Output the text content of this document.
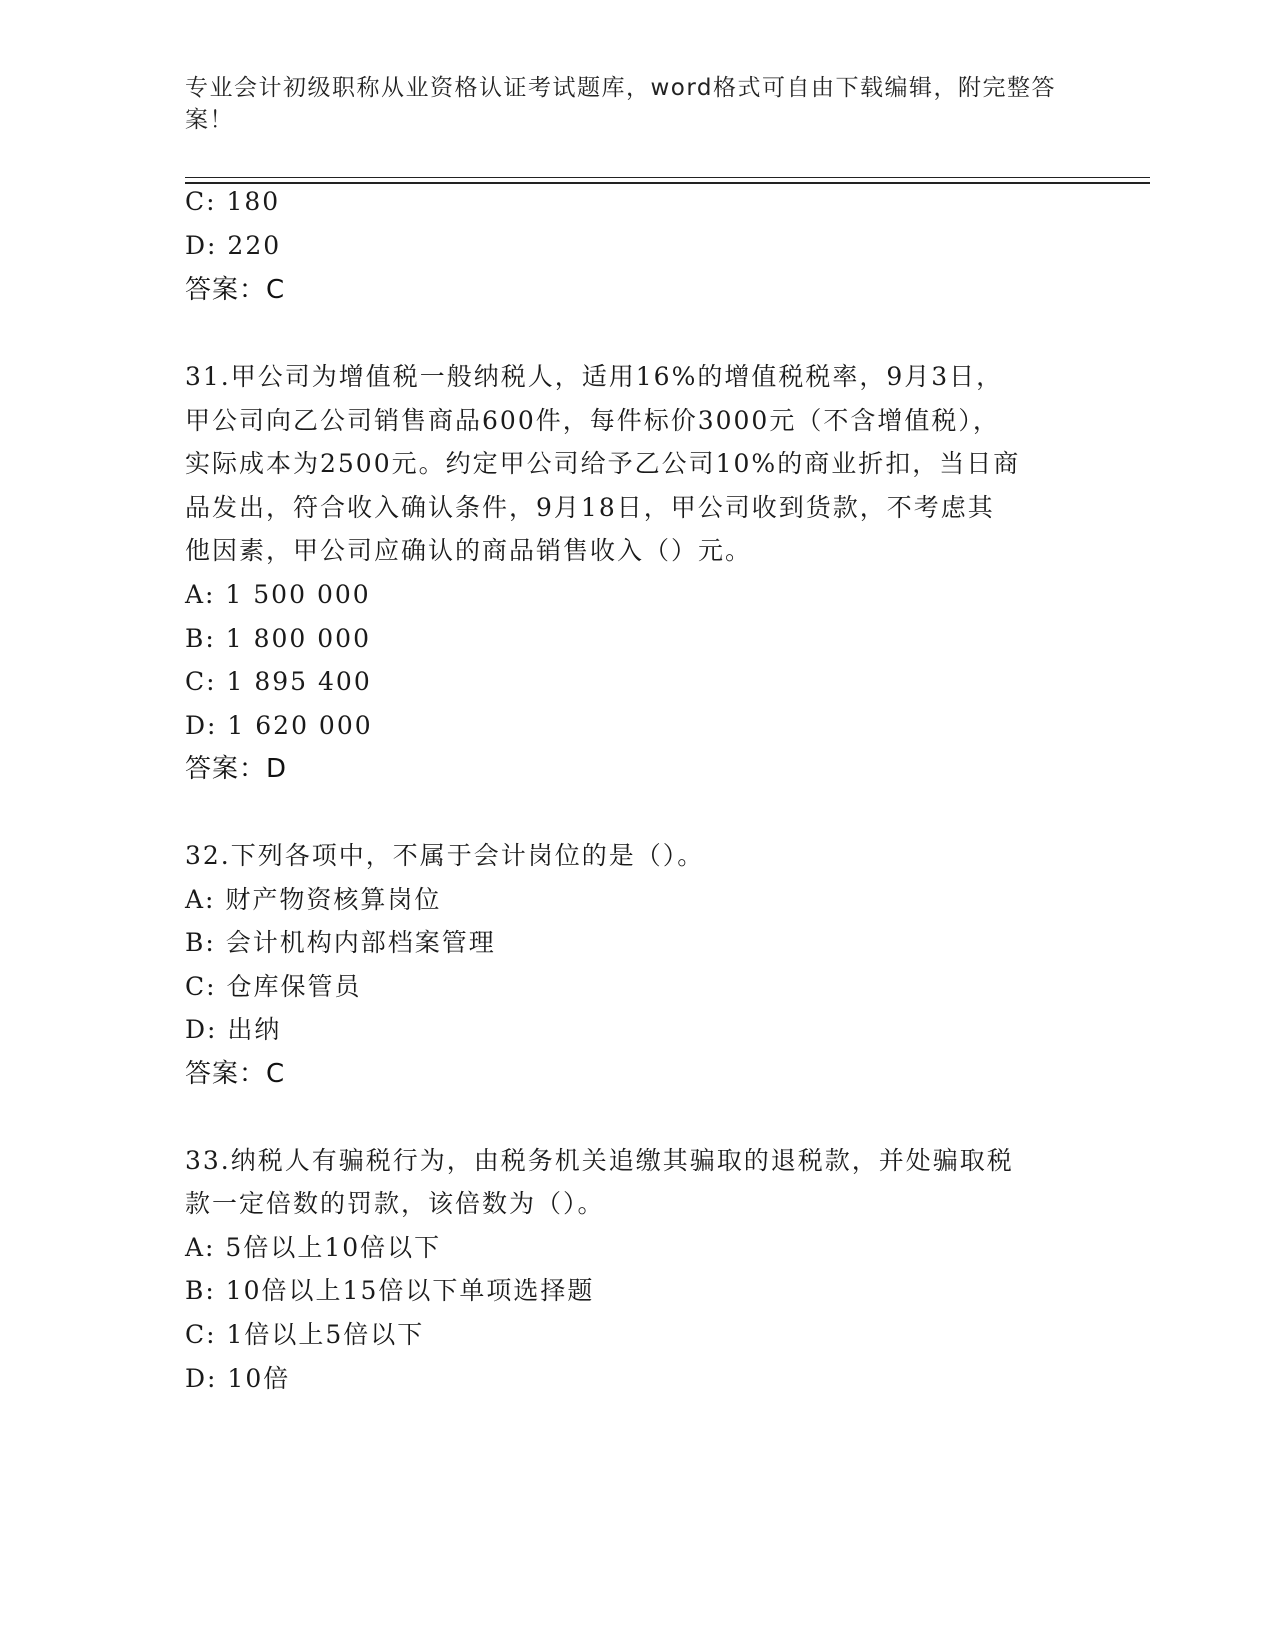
专业会计初级职称从业资格认证考试题库，word格式可自由下载编辑，附完整答
案！
C: 180
D: 220
答案：C
31.甲公司为增值税一般纳税人，适用16%的增值税税率，9月3日，
甲公司向乙公司销售商品600件，每件标价3000元（不含增值税），
实际成本为2500元。约定甲公司给予乙公司10%的商业折扣，当日商
品发出，符合收入确认条件，9月18日，甲公司收到货款，不考虑其
他因素，甲公司应确认的商品销售收入（）元。
A: 1 500 000
B: 1 800 000
C: 1 895 400
D: 1 620 000
答案：D
32.下列各项中，不属于会计岗位的是（）。
A: 财产物资核算岗位
B: 会计机构内部档案管理
C: 仓库保管员
D: 出纳
答案：C
33.纳税人有骗税行为，由税务机关追缴其骗取的退税款，并处骗取税
款一定倍数的罚款，该倍数为（）。
A: 5倍以上10倍以下
B: 10倍以上15倍以下单项选择题
C: 1倍以上5倍以下
D: 10倍
